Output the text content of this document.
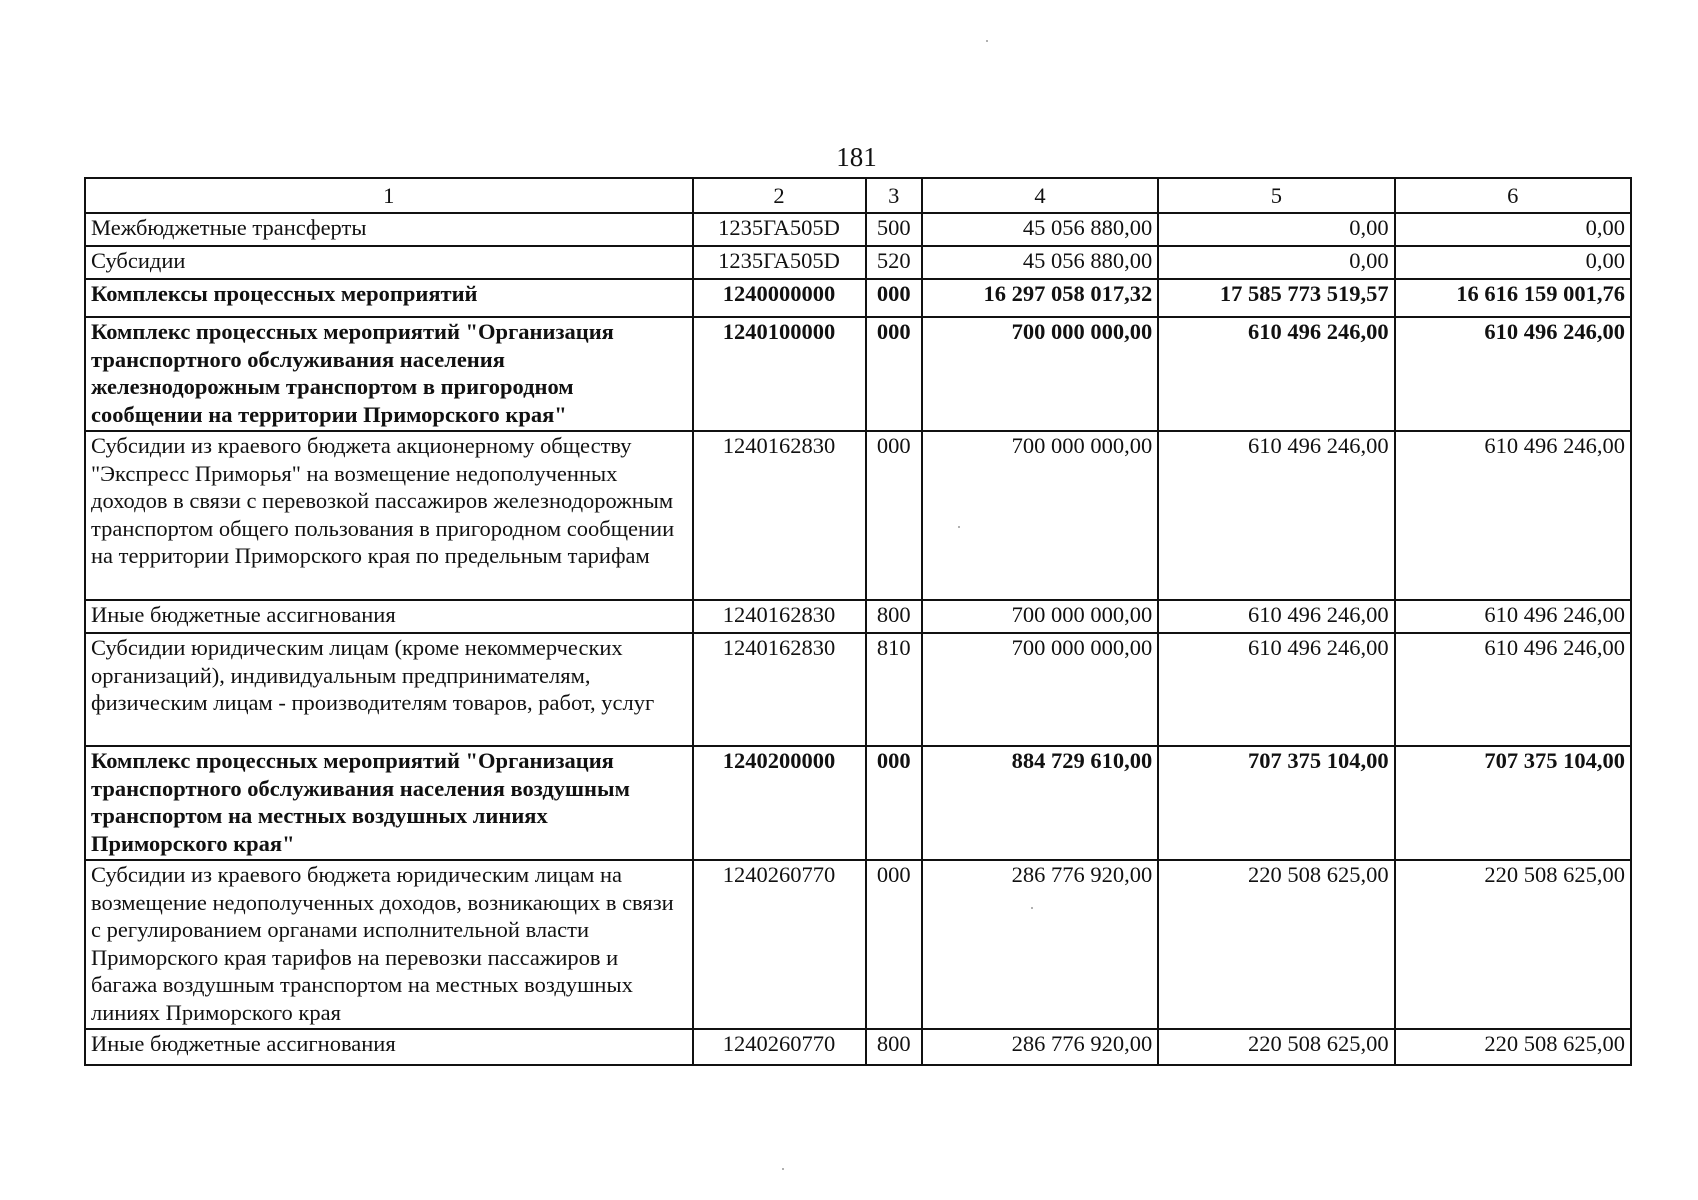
181
1	2	3	4	5	6
Межбюджетные трансферты	1235ГА505D	500	45 056 880,00	0,00	0,00
Субсидии	1235ГА505D	520	45 056 880,00	0,00	0,00
Комплексы процессных мероприятий	1240000000	000	16 297 058 017,32	17 585 773 519,57	16 616 159 001,76
Комплекс процессных мероприятий "Организация транспортного обслуживания населения железнодорожным транспортом в пригородном сообщении на территории Приморского края"	1240100000	000	700 000 000,00	610 496 246,00	610 496 246,00
Субсидии из краевого бюджета акционерному обществу "Экспресс Приморья" на возмещение недополученных доходов в связи с перевозкой пассажиров железнодорожным транспортом общего пользования в пригородном сообщении на территории Приморского края по предельным тарифам	1240162830	000	700 000 000,00	610 496 246,00	610 496 246,00
Иные бюджетные ассигнования	1240162830	800	700 000 000,00	610 496 246,00	610 496 246,00
Субсидии юридическим лицам (кроме некоммерческих организаций), индивидуальным предпринимателям, физическим лицам - производителям товаров, работ, услуг	1240162830	810	700 000 000,00	610 496 246,00	610 496 246,00
Комплекс процессных мероприятий "Организация транспортного обслуживания населения воздушным транспортом на местных воздушных линиях Приморского края"	1240200000	000	884 729 610,00	707 375 104,00	707 375 104,00
Субсидии из краевого бюджета юридическим лицам на возмещение недополученных доходов, возникающих в связи с регулированием органами исполнительной власти Приморского края тарифов на перевозки пассажиров и багажа воздушным транспортом на местных воздушных линиях Приморского края	1240260770	000	286 776 920,00	220 508 625,00	220 508 625,00
Иные бюджетные ассигнования	1240260770	800	286 776 920,00	220 508 625,00	220 508 625,00
